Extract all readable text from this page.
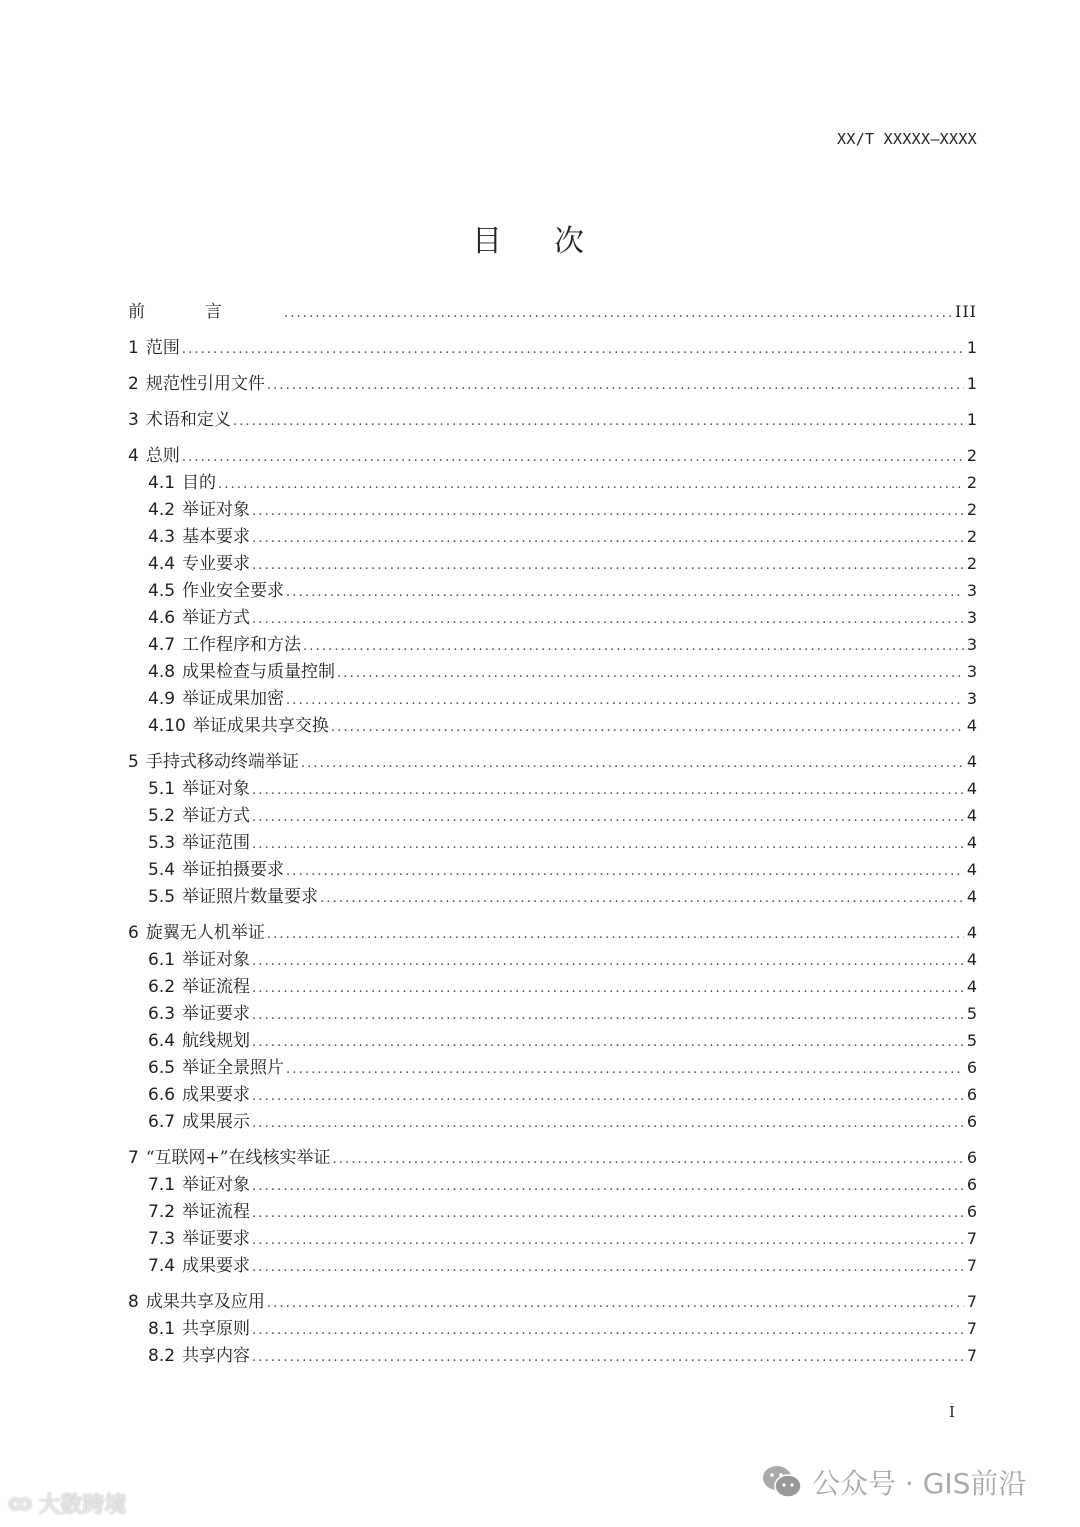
XX/T XXXXX—XXXX
目次
前言 . . .	III
1 范围 . . .	1
2 规范性引用文件 . . .	1
3 术语和定义 . . .	1
4 总则 . . .	2
4.1 目的 . . .	2
4.2 举证对象 . . .	2
4.3 基本要求 . . .	2
4.4 专业要求 . . .	2
4.5 作业安全要求 . . .	3
4.6 举证方式 . . .	3
4.7 工作程序和方法 . . .	3
4.8 成果检查与质量控制 . . .	3
4.9 举证成果加密 . . .	3
4.10 举证成果共享交换 . . .	4
5 手持式移动终端举证 . . .	4
5.1 举证对象 . . .	4
5.2 举证方式 . . .	4
5.3 举证范围 . . .	4
5.4 举证拍摄要求 . . .	4
5.5 举证照片数量要求 . . .	4
6 旋翼无人机举证 . . .	4
6.1 举证对象 . . .	4
6.2 举证流程 . . .	4
6.3 举证要求 . . .	5
6.4 航线规划 . . .	5
6.5 举证全景照片 . . .	6
6.6 成果要求 . . .	6
6.7 成果展示 . . .	6
7 “互联网+”在线核实举证 . . .	6
7.1 举证对象 . . .	6
7.2 举证流程 . . .	6
7.3 举证要求 . . .	7
7.4 成果要求 . . .	7
8 成果共享及应用 . . .	7
8.1 共享原则 . . .	7
8.2 共享内容 . . .	7
I
公众号 · GIS前沿
ꝏ 大数跨境
